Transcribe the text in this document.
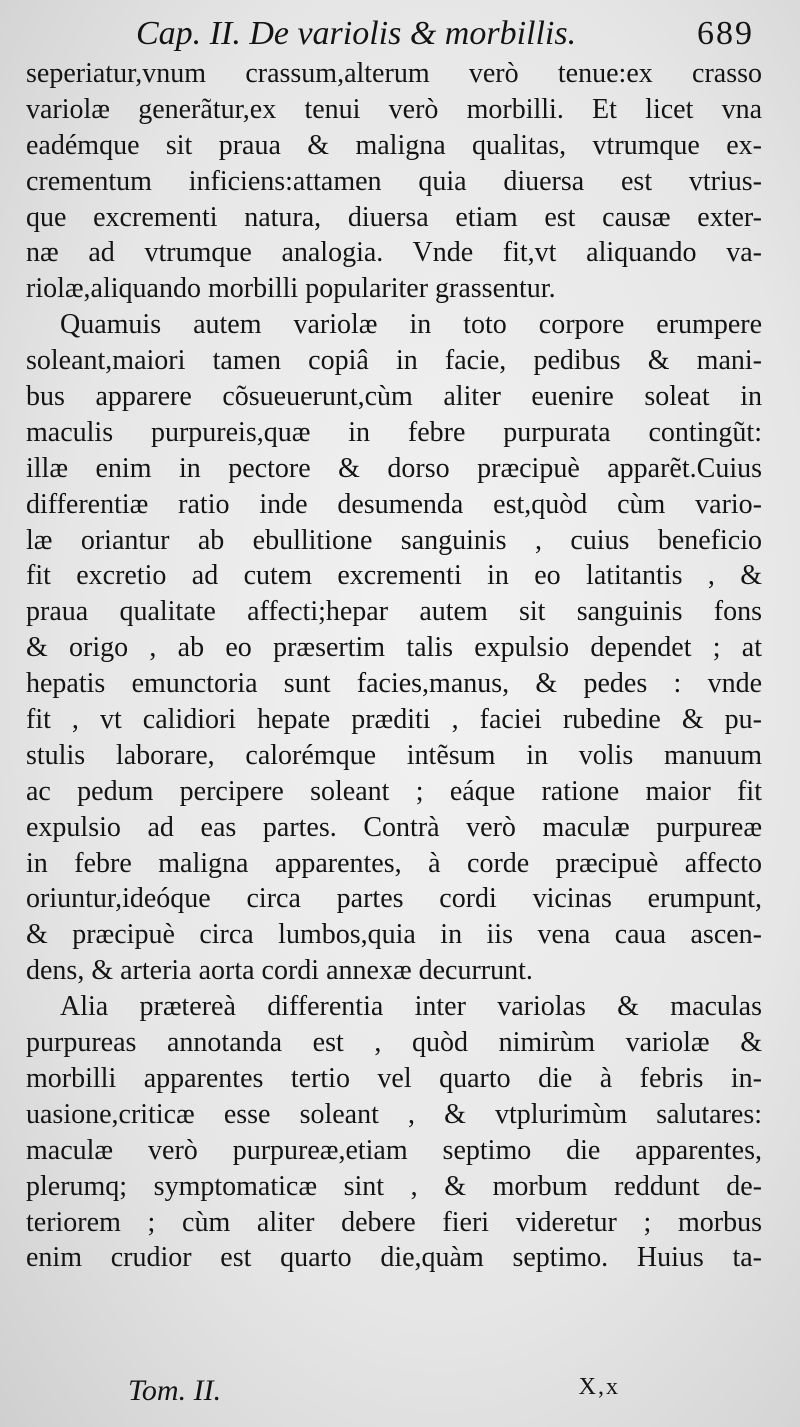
Cap. II. De variolis & morbillis.	689
seperiatur,vnum crassum,alterum verò tenue:ex crasso
variolæ generãtur,ex tenui verò morbilli. Et licet vna
eadémque sit praua & maligna qualitas, vtrumque ex-
crementum inficiens:attamen quia diuersa est vtrius-
que excrementi natura, diuersa etiam est causæ exter-
næ ad vtrumque analogia. Vnde fit,vt aliquando va-
riolæ,aliquando morbilli populariter grassentur.
Quamuis autem variolæ in toto corpore erumpere
soleant,maiori tamen copiâ in facie, pedibus & mani-
bus apparere cõsueuerunt,cùm aliter euenire soleat in
maculis purpureis,quæ in febre purpurata contingũt:
illæ enim in pectore & dorso præcipuè apparẽt.Cuius
differentiæ ratio inde desumenda est,quòd cùm vario-
læ oriantur ab ebullitione sanguinis , cuius beneficio
fit excretio ad cutem excrementi in eo latitantis , &
praua qualitate affecti;hepar autem sit sanguinis fons
& origo , ab eo præsertim talis expulsio dependet ; at
hepatis emunctoria sunt facies,manus, & pedes : vnde
fit , vt calidiori hepate præditi , faciei rubedine & pu-
stulis laborare, calorémque intẽsum in volis manuum
ac pedum percipere soleant ; eáque ratione maior fit
expulsio ad eas partes. Contrà verò maculæ purpureæ
in febre maligna apparentes, à corde præcipuè affecto
oriuntur,ideóque circa partes cordi vicinas erumpunt,
& præcipuè circa lumbos,quia in iis vena caua ascen-
dens, & arteria aorta cordi annexæ decurrunt.
Alia prætereà differentia inter variolas & maculas
purpureas annotanda est , quòd nimirùm variolæ &
morbilli apparentes tertio vel quarto die à febris in-
uasione,criticæ esse soleant , & vtplurimùm salutares:
maculæ verò purpureæ,etiam septimo die apparentes,
plerumq; symptomaticæ sint , & morbum reddunt de-
teriorem ; cùm aliter debere fieri videretur ; morbus
enim crudior est quarto die,quàm septimo. Huius ta-
Tom. II.	X,x
